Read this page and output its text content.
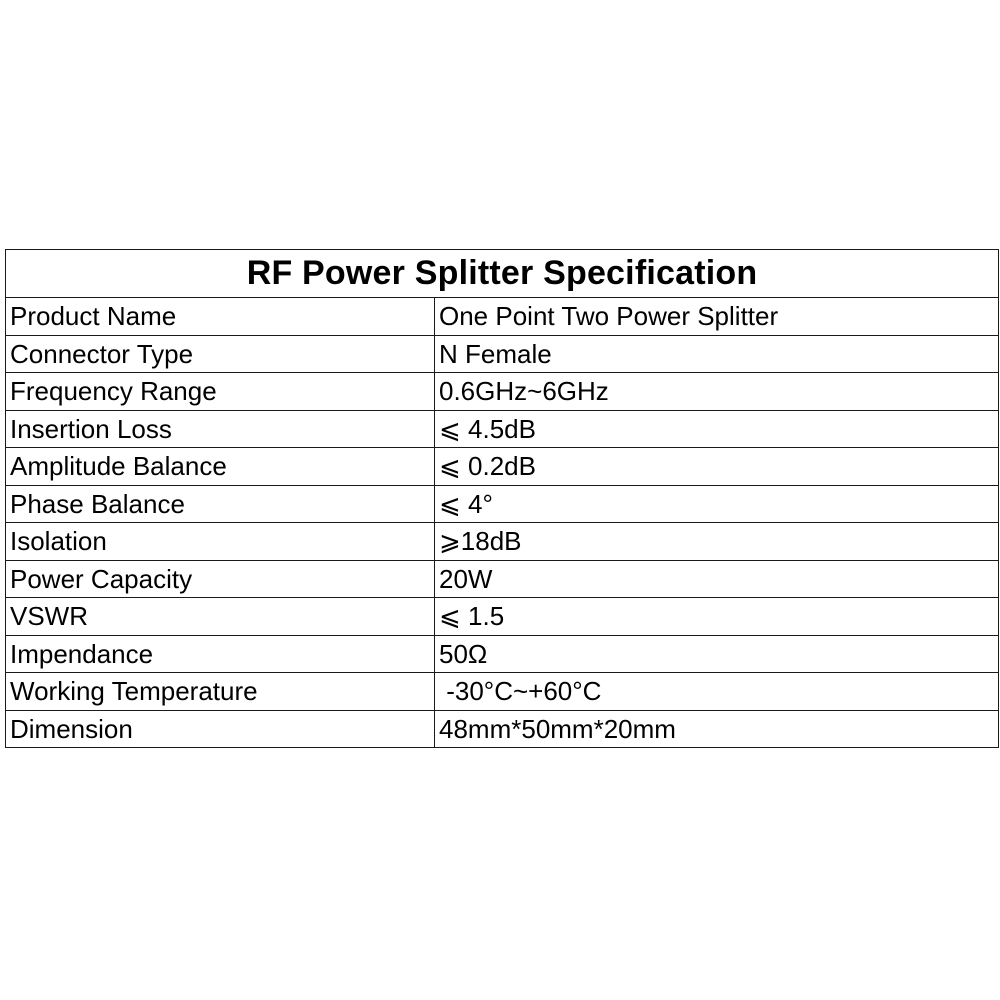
RF Power Splitter Specification	
Product Name	One Point Two Power Splitter
Connector Type	N Female
Frequency Range	0.6GHz~6GHz
Insertion Loss	⩽ 4.5dB
Amplitude Balance	⩽ 0.2dB
Phase Balance	⩽ 4°
Isolation	⩾18dB
Power Capacity	20W
VSWR	⩽ 1.5
Impendance	50Ω
Working Temperature	-30°C~+60°C
Dimension	48mm*50mm*20mm
